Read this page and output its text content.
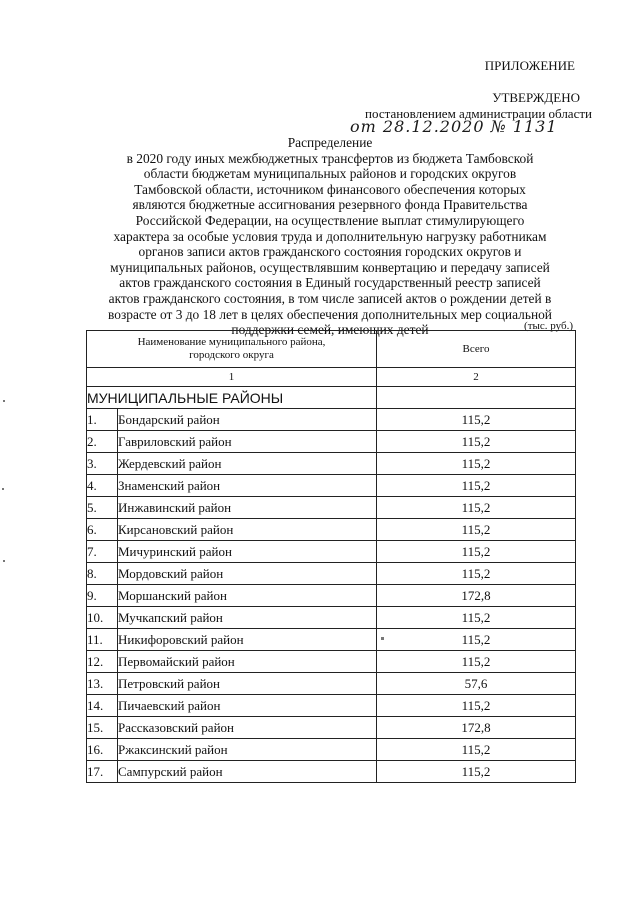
ПРИЛОЖЕНИЕ
УТВЕРЖДЕНО
постановлением администрации области
от 28.12.2020 № 1131
Распределение
в 2020 году иных межбюджетных трансфертов из бюджета Тамбовской
области бюджетам муниципальных районов и городских округов
Тамбовской области, источником финансового обеспечения которых
являются бюджетные ассигнования резервного фонда Правительства
Российской Федерации, на осуществление выплат стимулирующего
характера за особые условия труда и дополнительную нагрузку работникам
органов записи актов гражданского состояния городских округов и
муниципальных районов, осуществлявшим конвертацию и передачу записей
актов гражданского состояния в Единый государственный реестр записей
актов гражданского состояния, в том числе записей актов о рождении детей в
возрасте от 3 до 18 лет в целях обеспечения дополнительных мер социальной
поддержки семей, имеющих детей	(тыс. руб.)
Наименование муниципального района,
городского округа		Всего
1		2
МУНИЦИПАЛЬНЫЕ РАЙОНЫ		
1.	Бондарский район	115,2
2.	Гавриловский район	115,2
3.	Жердевский район	115,2
4.	Знаменский район	115,2
5.	Инжавинский район	115,2
6.	Кирсановский район	115,2
7.	Мичуринский район	115,2
8.	Мордовский район	115,2
9.	Моршанский район	172,8
10.	Мучкапский район	115,2
11.	Никифоровский район	115,2
12.	Первомайский район	115,2
13.	Петровский район	57,6
14.	Пичаевский район	115,2
15.	Рассказовский район	172,8
16.	Ржаксинский район	115,2
17.	Сампурский район	115,2
